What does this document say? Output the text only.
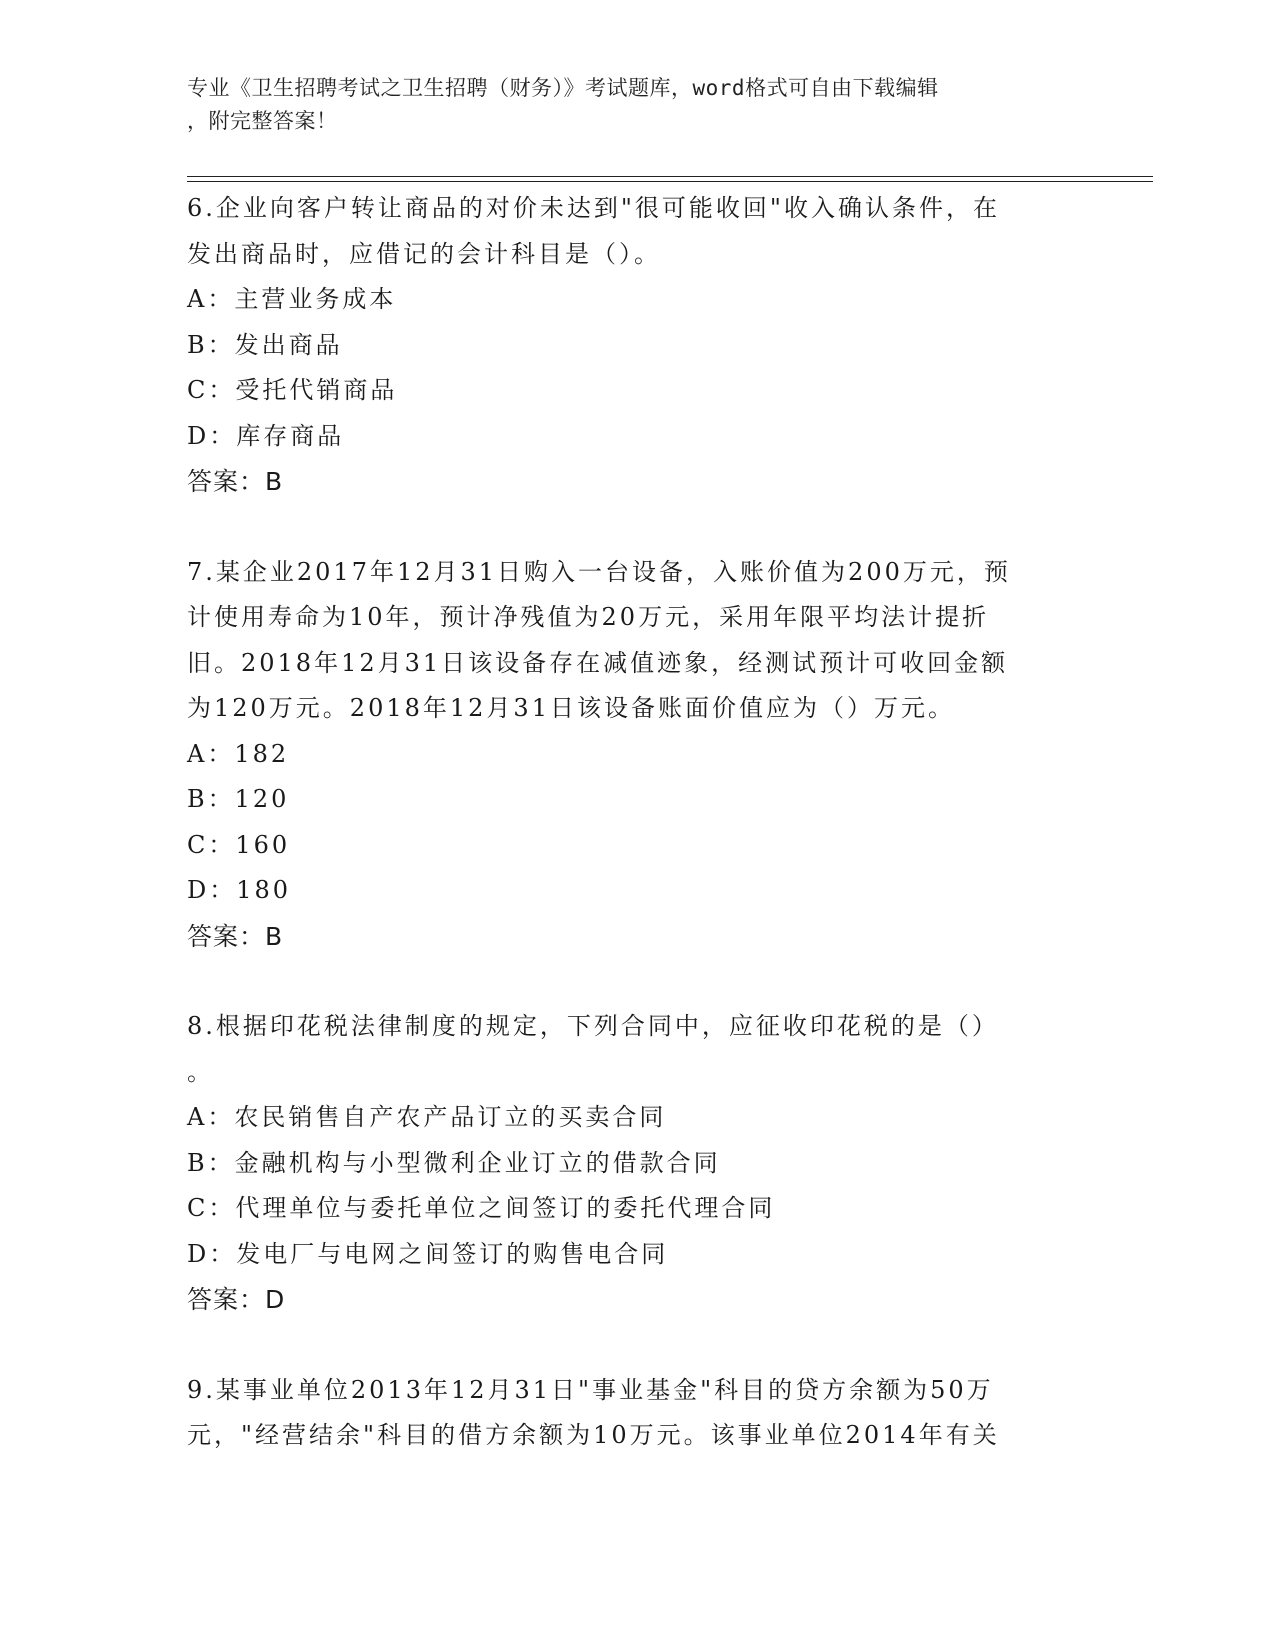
专业《卫生招聘考试之卫生招聘（财务）》考试题库，word格式可自由下载编辑
，附完整答案！
6.企业向客户转让商品的对价未达到"很可能收回"收入确认条件，在
发出商品时，应借记的会计科目是（）。
A：主营业务成本
B：发出商品
C：受托代销商品
D：库存商品
答案：B
7.某企业2017年12月31日购入一台设备，入账价值为200万元，预
计使用寿命为10年，预计净残值为20万元，采用年限平均法计提折
旧。2018年12月31日该设备存在减值迹象，经测试预计可收回金额
为120万元。2018年12月31日该设备账面价值应为（）万元。
A：182
B：120
C：160
D：180
答案：B
8.根据印花税法律制度的规定，下列合同中，应征收印花税的是（）
。
A：农民销售自产农产品订立的买卖合同
B：金融机构与小型微利企业订立的借款合同
C：代理单位与委托单位之间签订的委托代理合同
D：发电厂与电网之间签订的购售电合同
答案：D
9.某事业单位2013年12月31日"事业基金"科目的贷方余额为50万
元，"经营结余"科目的借方余额为10万元。该事业单位2014年有关
